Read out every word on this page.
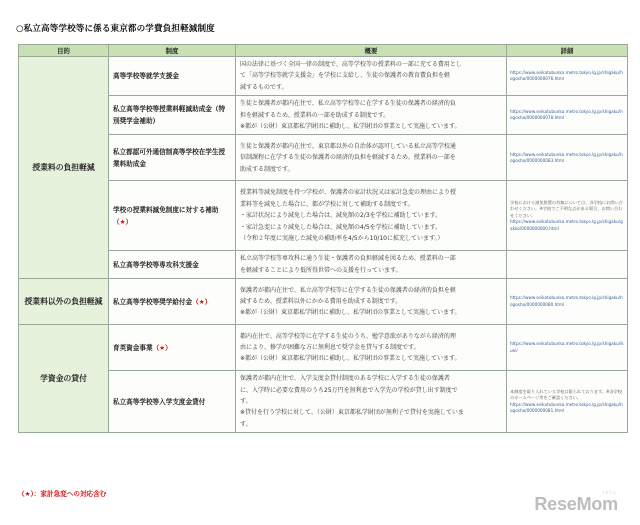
○私立高等学校等に係る東京都の学費負担軽減制度
目的	制度	概要	詳細
授業料の負担軽減	高等学校等就学支援金	国の法律に基づく全国一律の制度で、高等学校等の授業料の一部に充てる費用とし
て「高等学校等就学支援金」を学校に支給し、生徒の保護者の教育費負担を軽
減するものです。	https://www.seikatubunka.metro.tokyo.lg.jp/shigaku/hogosha/0000000076.html

	私立高等学校等授業料軽減助成金（特別奨学金補助）	生徒と保護者が都内在住で、私立高等学校等に在学する生徒の保護者の経済的負
担を軽減するため、授業料の一部を助成する制度です。
※都が（公財）東京都私学財団に補助し、私学財団の事業として実施しています。	https://www.seikatubunka.metro.tokyo.lg.jp/shigaku/hogosha/0000000078.html

	私立都認可外通信制高等学校在学生授業料助成金	生徒と保護者が都内在住で、東京都以外の自治体が認可している私立高等学校通
信制課程に在学する生徒の保護者の経済的負担を軽減するため、授業料の一部を
助成する制度です。	https://www.seikatubunka.metro.tokyo.lg.jp/shigaku/hogosha/0000000083.html

	学校の授業料減免制度に対する補助（★）	授業料等減免制度を持つ学校が、保護者の家計状況又は家計急変の理由により授
業料等を減免した場合に、都が学校に対して補助する制度です。
・家計状況により減免した場合は、減免額の2/3を学校に補助しています。
・家計急変により減免した場合は、減免額の4/5を学校に補助しています。
（令和２年度に実施した減免の補助率を4/5から10/10に拡充しています。）	学校における減免措置の有無については、各学校にお問い合わせください。※学校でご不明な点がある場合、お問い合わせください。
https://www.seikatubunka.metro.tokyo.lg.jp/shigaku/gakko/0000000000.html

	私立高等学校等専攻科支援金	私立高等学校等専攻科に通う生徒・保護者の負担軽減を図るため、授業料の一部
を軽減することにより低所得世帯への支援を行っています。	

授業料以外の負担軽減	私立高等学校等奨学給付金（★）	保護者が都内在住で、私立高等学校等に在学する生徒の保護者の経済的負担を軽
減するため、授業料以外にかかる費用を助成する制度です。
※都が（公財）東京都私学財団に補助し、私学財団の事業として実施しています。	https://www.seikatubunka.metro.tokyo.lg.jp/shigaku/hogosha/0000000080.html

学資金の貸付	育英資金事業（★）	都内在住で、高等学校等に在学する生徒のうち、勉学意欲がありながら経済的理
由により、修学が困難な方に無利息で奨学金を貸与する制度です。
※都が（公財）東京都私学財団に補助し、私学財団の事業として実施しています。	https://www.seikatubunka.metro.tokyo.lg.jp/shigaku/ikuei/

	私立高等学校等入学支度金貸付	保護者が都内在住で、入学支度金貸付制度のある学校に入学する生徒の保護者
に、入学時に必要な費用のうち25万円を無利息で入学先の学校が貸し出す制度で
す。
※貸付を行う学校に対して、（公財）東京都私学財団が無利子で貸付を実施していま
す。	本制度を取り入れている学校は限られております。※各学校のホームページ等をご確認ください。
https://www.seikatubunka.metro.tokyo.lg.jp/shigaku/hogosha/0000000081.html
（★）：家計急変への対応含む	ReseMom
リセマム
